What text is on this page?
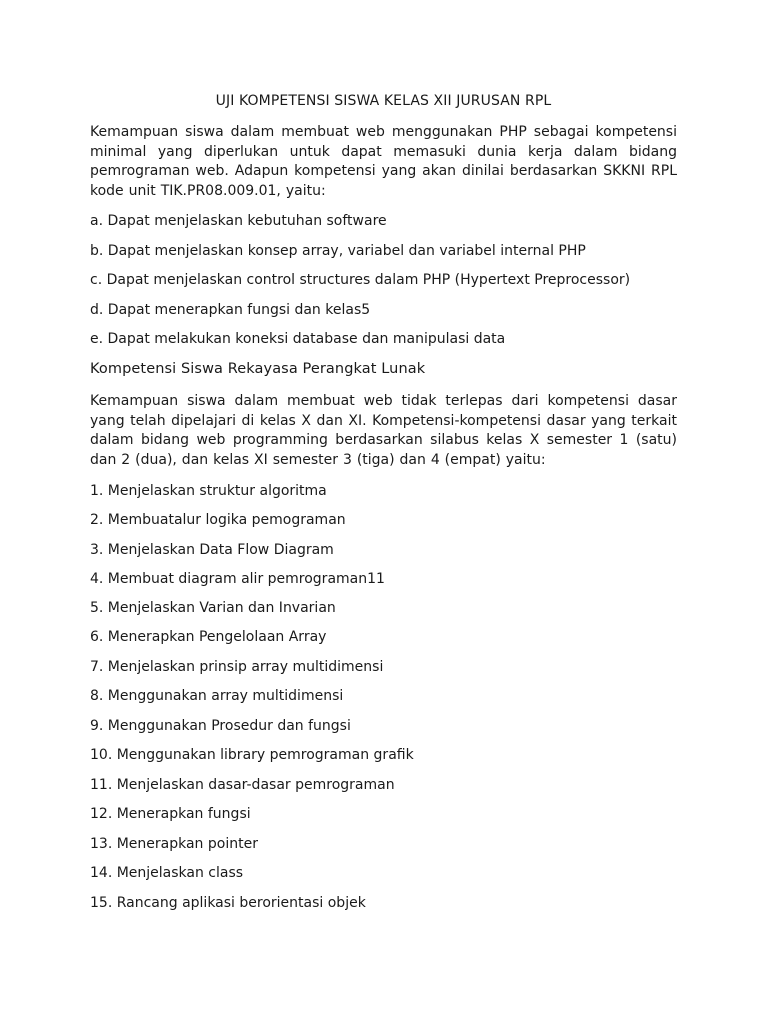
UJI KOMPETENSI SISWA KELAS XII JURUSAN RPL

Kemampuan siswa dalam membuat web menggunakan PHP sebagai kompetensi minimal yang diperlukan untuk dapat memasuki dunia kerja dalam bidang pemrograman web. Adapun kompetensi yang akan dinilai berdasarkan SKKNI RPL kode unit TIK.PR08.009.01, yaitu:

a. Dapat menjelaskan kebutuhan software
b. Dapat menjelaskan konsep array, variabel dan variabel internal PHP
c. Dapat menjelaskan control structures dalam PHP (Hypertext Preprocessor)
d. Dapat menerapkan fungsi dan kelas5
e. Dapat melakukan koneksi database dan manipulasi data
Kompetensi Siswa Rekayasa Perangkat Lunak

Kemampuan siswa dalam membuat web tidak terlepas dari kompetensi dasar yang telah dipelajari di kelas X dan XI. Kompetensi-kompetensi dasar yang terkait dalam bidang web programming berdasarkan silabus kelas X semester 1 (satu) dan 2 (dua), dan kelas XI semester 3 (tiga) dan 4 (empat) yaitu:

1. Menjelaskan struktur algoritma
2. Membuatalur logika pemograman
3. Menjelaskan Data Flow Diagram
4. Membuat diagram alir pemrograman11
5. Menjelaskan Varian dan Invarian
6. Menerapkan Pengelolaan Array
7. Menjelaskan prinsip array multidimensi
8. Menggunakan array multidimensi
9. Menggunakan Prosedur dan fungsi
10. Menggunakan library pemrograman grafik
11. Menjelaskan dasar-dasar pemrograman
12. Menerapkan fungsi
13. Menerapkan pointer
14. Menjelaskan class
15. Rancang aplikasi berorientasi objek
